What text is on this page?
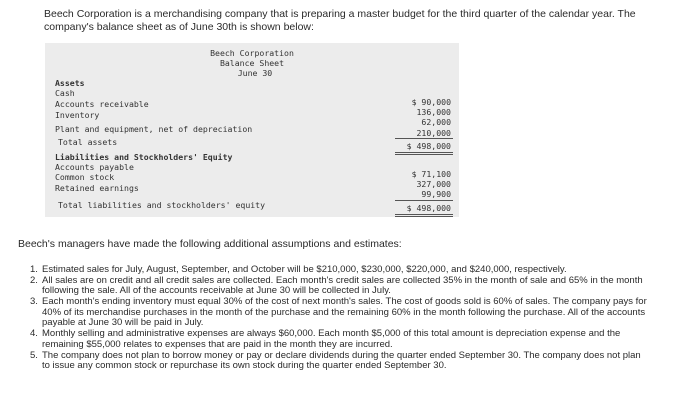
Beech Corporation is a merchandising company that is preparing a master budget for the third quarter of the calendar year. The company's balance sheet as of June 30th is shown below:
Beech Corporation
Balance Sheet
June 30
Assets
Cash
Accounts receivable
Inventory
Plant and equipment, net of depreciation
Total assets
$ 90,000
136,000
62,000
210,000
$ 498,000
Liabilities and Stockholders' Equity
Accounts payable
Common stock
Retained earnings
Total liabilities and stockholders' equity
$ 71,100
327,000
99,900
$ 498,000
Beech's managers have made the following additional assumptions and estimates:
1. Estimated sales for July, August, September, and October will be $210,000, $230,000, $220,000, and $240,000, respectively.
2. All sales are on credit and all credit sales are collected. Each month's credit sales are collected 35% in the month of sale and 65% in the month following the sale. All of the accounts receivable at June 30 will be collected in July.
3. Each month's ending inventory must equal 30% of the cost of next month's sales. The cost of goods sold is 60% of sales. The company pays for 40% of its merchandise purchases in the month of the purchase and the remaining 60% in the month following the purchase. All of the accounts payable at June 30 will be paid in July.
4. Monthly selling and administrative expenses are always $60,000. Each month $5,000 of this total amount is depreciation expense and the remaining $55,000 relates to expenses that are paid in the month they are incurred.
5. The company does not plan to borrow money or pay or declare dividends during the quarter ended September 30. The company does not plan to issue any common stock or repurchase its own stock during the quarter ended September 30.
